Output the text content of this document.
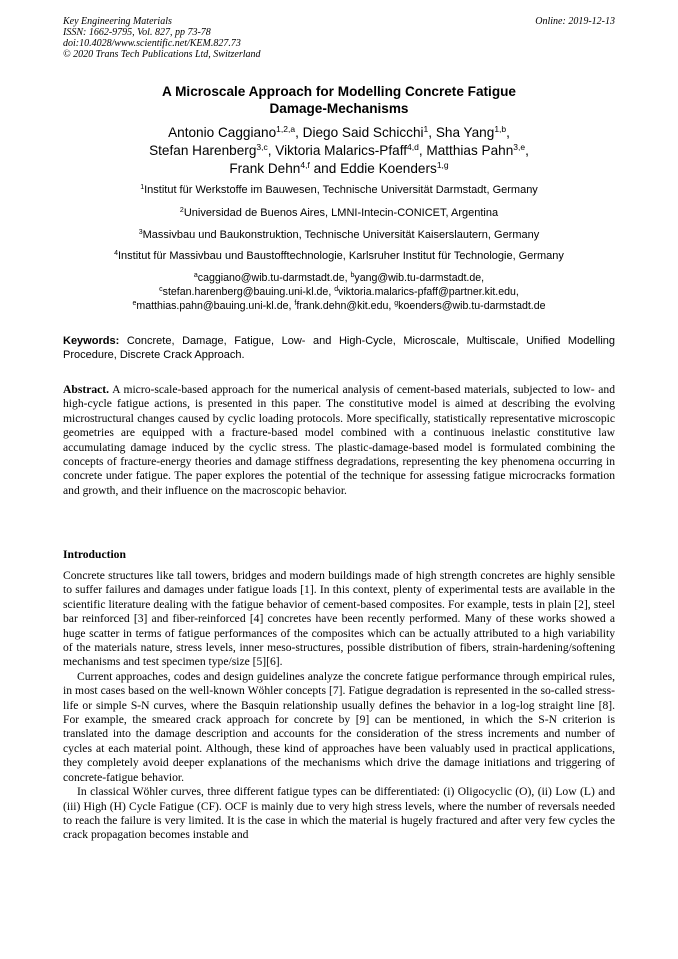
Key Engineering Materials
ISSN: 1662-9795, Vol. 827, pp 73-78
doi:10.4028/www.scientific.net/KEM.827.73
© 2020 Trans Tech Publications Ltd, Switzerland
Online: 2019-12-13
A Microscale Approach for Modelling Concrete Fatigue
Damage-Mechanisms
Antonio Caggiano$^{1,2,a}$, Diego Said Schicchi$^1$, Sha Yang$^{1,b}$,
Stefan Harenberg$^{3,c}$, Viktoria Malarics-Pfaff$^{4,d}$, Matthias Pahn$^{3,e}$,
Frank Dehn$^{4,f}$ and Eddie Koenders$^{1,g}$
$^1$Institut für Werkstoffe im Bauwesen, Technische Universität Darmstadt, Germany
$^2$Universidad de Buenos Aires, LMNI-Intecin-CONICET, Argentina
$^3$Massivbau und Baukonstruktion, Technische Universität Kaiserslautern, Germany
$^4$Institut für Massivbau und Baustofftechnologie, Karlsruher Institut für Technologie, Germany
$^a$caggiano@wib.tu-darmstadt.de, $^b$yang@wib.tu-darmstadt.de,
$^c$stefan.harenberg@bauing.uni-kl.de, $^d$viktoria.malarics-pfaff@partner.kit.edu,
$^e$matthias.pahn@bauing.uni-kl.de, $^f$frank.dehn@kit.edu, $^g$koenders@wib.tu-darmstadt.de
Keywords: Concrete, Damage, Fatigue, Low- and High-Cycle, Microscale, Multiscale, Unified Modelling Procedure, Discrete Crack Approach.
Abstract. A micro-scale-based approach for the numerical analysis of cement-based materials, subjected to low- and high-cycle fatigue actions, is presented in this paper. The constitutive model is aimed at describing the evolving microstructural changes caused by cyclic loading protocols. More specifically, statistically representative microscopic geometries are equipped with a fracture-based model combined with a continuous inelastic constitutive law accumulating damage induced by the cyclic stress. The plastic-damage-based model is formulated combining the concepts of fracture-energy theories and damage stiffness degradations, representing the key phenomena occurring in concrete under fatigue. The paper explores the potential of the technique for assessing fatigue microcracks formation and growth, and their influence on the macroscopic behavior.
Introduction

Concrete structures like tall towers, bridges and modern buildings made of high strength concretes are highly sensible to suffer failures and damages under fatigue loads [1]. In this context, plenty of experimental tests are available in the scientific literature dealing with the fatigue behavior of cement-based composites. For example, tests in plain [2], steel bar reinforced [3] and fiber-reinforced [4] concretes have been recently performed. Many of these works showed a huge scatter in terms of fatigue performances of the composites which can be actually attributed to a high variability of the materials nature, stress levels, inner meso-structures, possible distribution of fibers, strain-hardening/softening mechanisms and test specimen type/size [5][6].

Current approaches, codes and design guidelines analyze the concrete fatigue performance through empirical rules, in most cases based on the well-known Wöhler concepts [7]. Fatigue degradation is represented in the so-called stress-life or simple S-N curves, where the Basquin relationship usually defines the behavior in a log-log straight line [8]. For example, the smeared crack approach for concrete by [9] can be mentioned, in which the S-N criterion is translated into the damage description and accounts for the consideration of the stress increments and number of cycles at each material point. Although, these kind of approaches have been valuably used in practical applications, they completely avoid deeper explanations of the mechanisms which drive the damage initiations and triggering of concrete-fatigue behavior.

In classical Wöhler curves, three different fatigue types can be differentiated: (i) Oligocyclic (O), (ii) Low (L) and (iii) High (H) Cycle Fatigue (CF). OCF is mainly due to very high stress levels, where the number of reversals needed to reach the failure is very limited. It is the case in which the material is hugely fractured and after very few cycles the crack propagation becomes instable and
